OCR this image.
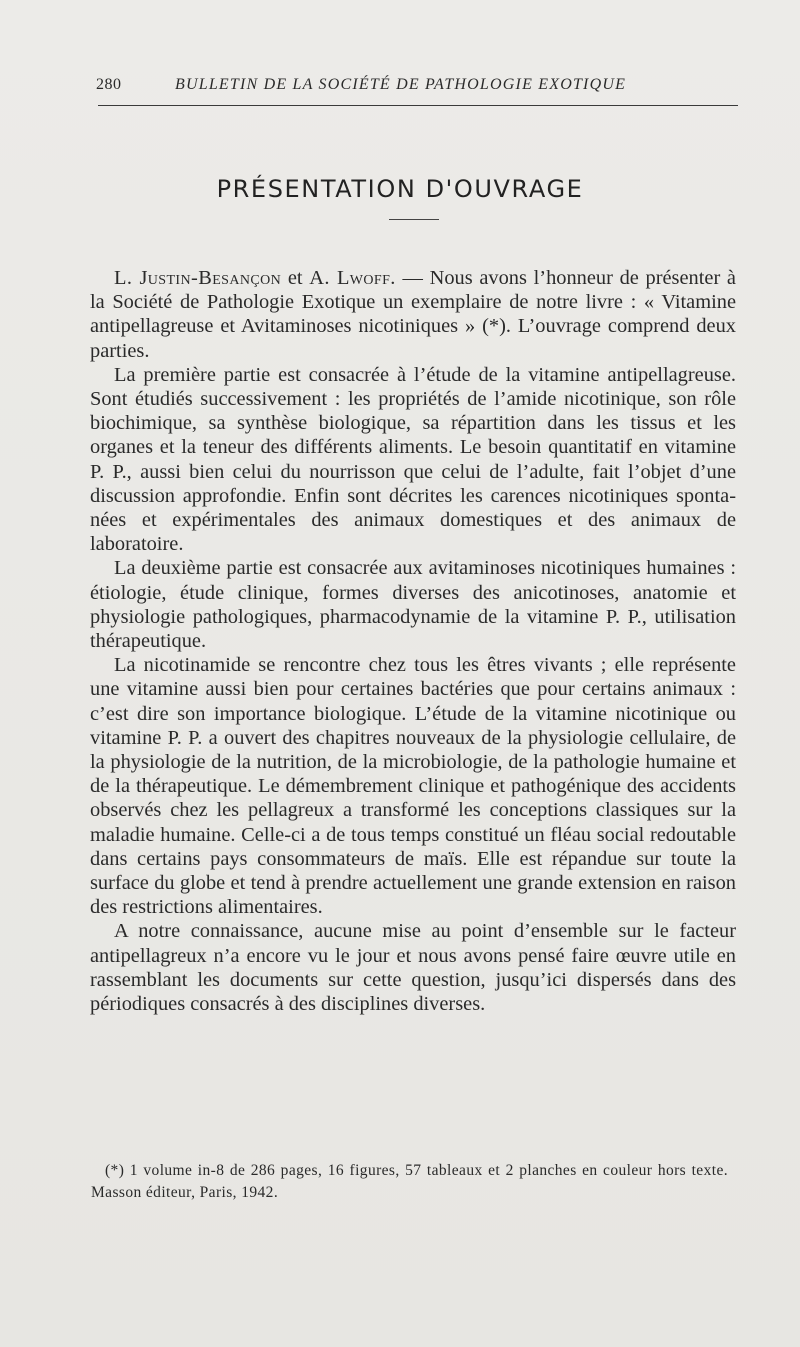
280	BULLETIN DE LA SOCIÉTÉ DE PATHOLOGIE EXOTIQUE
PRÉSENTATION D'OUVRAGE

L. Justin-Besançon et A. Lwoff. — Nous avons l’honneur de présenter à la Société de Pathologie Exotique un exemplaire de notre livre : « Vitamine antipellagreuse et Avitaminoses nicotiniques » (*). L’ouvrage comprend deux parties.

La première partie est consacrée à l’étude de la vitamine antipellagreuse. Sont étudiés successivement : les propriétés de l’amide nicotinique, son rôle biochimique, sa synthèse biologique, sa répartition dans les tissus et les organes et la teneur des différents aliments. Le besoin quantitatif en vitamine P. P., aussi bien celui du nourrisson que celui de l’adulte, fait l’objet d’une discussion approfondie. Enfin sont décrites les carences nicotiniques spontanées et expérimentales des animaux domestiques et des animaux de laboratoire.

La deuxième partie est consacrée aux avitaminoses nicotiniques humaines : étiologie, étude clinique, formes diverses des anicotinoses, anatomie et physiologie pathologiques, pharmacodynamie de la vitamine P. P., utilisation thérapeutique.

La nicotinamide se rencontre chez tous les êtres vivants ; elle représente une vitamine aussi bien pour certaines bactéries que pour certains animaux : c’est dire son importance biologique. L’étude de la vitamine nicotinique ou vitamine P. P. a ouvert des chapitres nouveaux de la physiologie cellulaire, de la physiologie de la nutrition, de la microbiologie, de la pathologie humaine et de la thérapeutique. Le démembrement clinique et pathogénique des accidents observés chez les pellagreux a transformé les conceptions classiques sur la maladie humaine. Celle-ci a de tous temps constitué un fléau social redoutable dans certains pays consommateurs de maïs. Elle est répandue sur toute la surface du globe et tend à prendre actuellement une grande extension en raison des restrictions alimentaires.

A notre connaissance, aucune mise au point d’ensemble sur le facteur antipellagreux n’a encore vu le jour et nous avons pensé faire œuvre utile en rassemblant les documents sur cette question, jusqu’ici dispersés dans des périodiques consacrés à des disciplines diverses.

(*) 1 volume in-8 de 286 pages, 16 figures, 57 tableaux et 2 planches en couleur hors texte. Masson éditeur, Paris, 1942.
